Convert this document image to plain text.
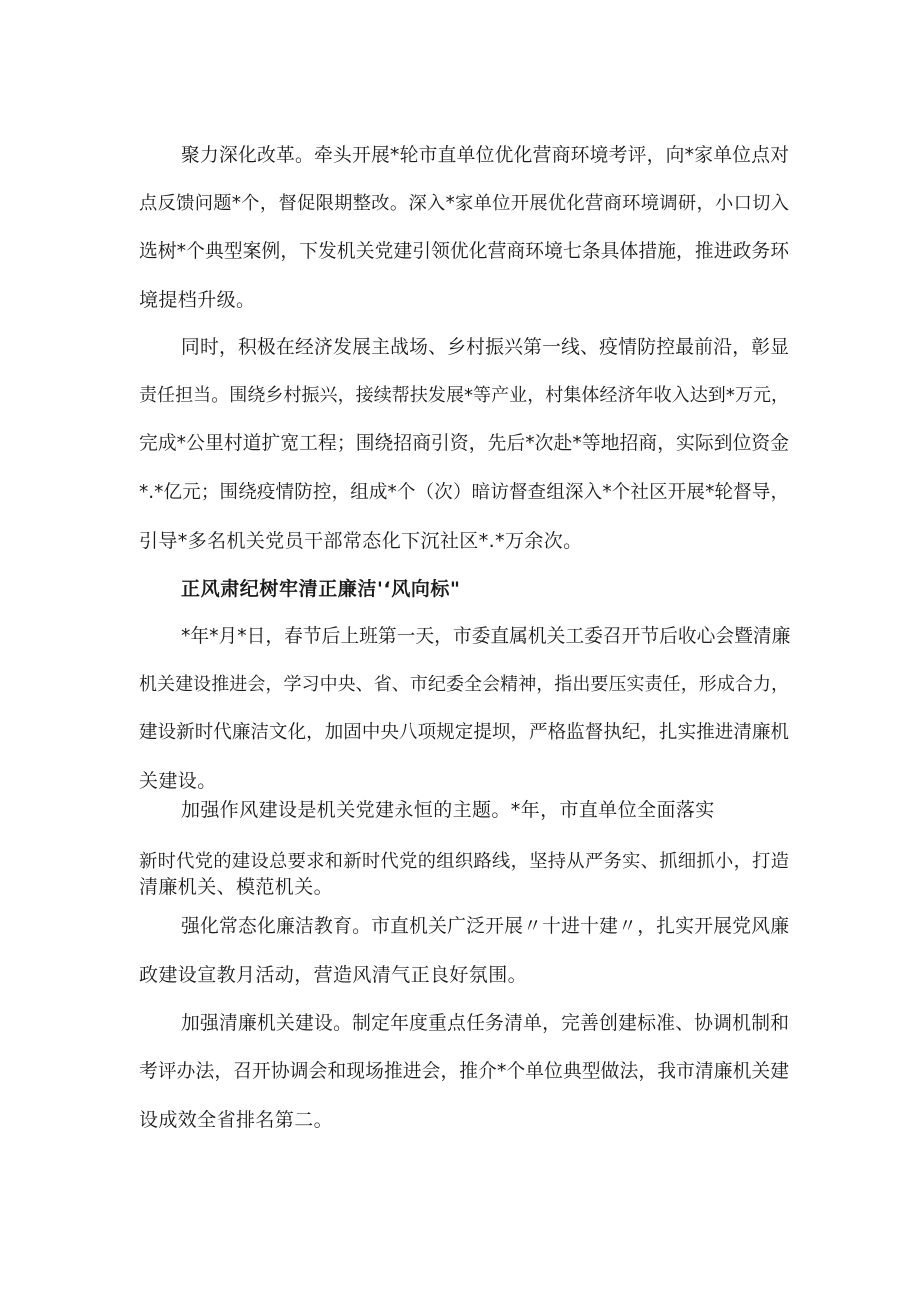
聚力深化改革。牵头开展*轮市直单位优化营商环境考评，向*家单位点对
点反馈问题*个，督促限期整改。深入*家单位开展优化营商环境调研，小口切入
选树*个典型案例，下发机关党建引领优化营商环境七条具体措施，推进政务环
境提档升级。
同时，积极在经济发展主战场、乡村振兴第一线、疫情防控最前沿，彰显
责任担当。围绕乡村振兴，接续帮扶发展*等产业，村集体经济年收入达到*万元，
完成*公里村道扩宽工程；围绕招商引资，先后*次赴*等地招商，实际到位资金
*.*亿元；围绕疫情防控，组成*个（次）暗访督查组深入*个社区开展*轮督导，
引导*多名机关党员干部常态化下沉社区*.*万余次。
正风肃纪树牢清正廉洁'‘风向标"
*年*月*日，春节后上班第一天，市委直属机关工委召开节后收心会暨清廉
机关建设推进会，学习中央、省、市纪委全会精神，指出要压实责任，形成合力，
建设新时代廉洁文化，加固中央八项规定提坝，严格监督执纪，扎实推进清廉机
关建设。
加强作风建设是机关党建永恒的主题。*年，市直单位全面落实
新时代党的建设总要求和新时代党的组织路线，坚持从严务实、抓细抓小，打造
清廉机关、模范机关。
强化常态化廉洁教育。市直机关广泛开展〃十进十建〃，扎实开展党风廉
政建设宣教月活动，营造风清气正良好氛围。
加强清廉机关建设。制定年度重点任务清单，完善创建标准、协调机制和
考评办法，召开协调会和现场推进会，推介*个单位典型做法，我市清廉机关建
设成效全省排名第二。
